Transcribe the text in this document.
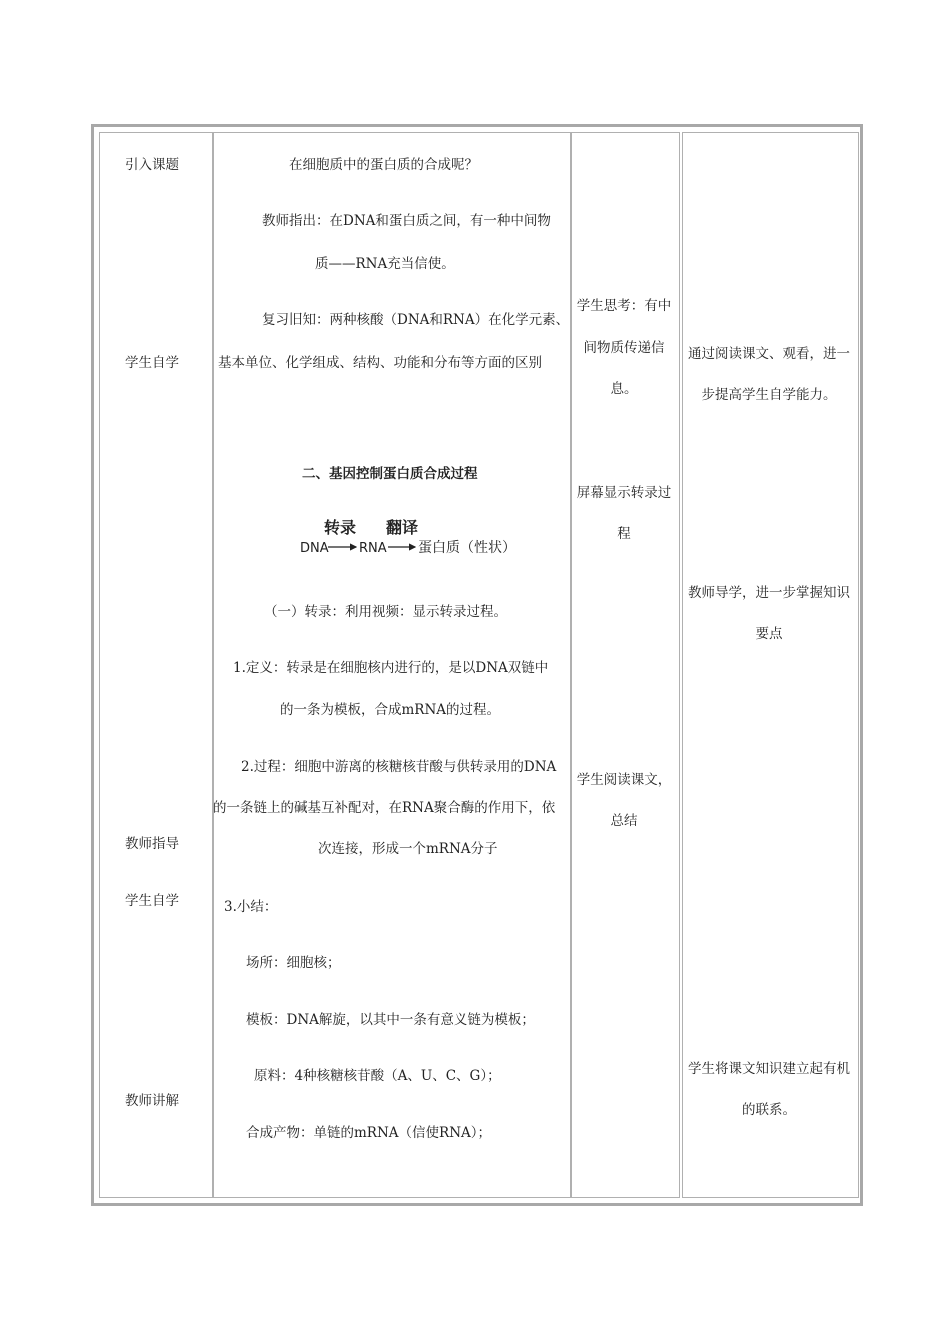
引入课题
学生自学
教师指导
学生自学
教师讲解
在细胞质中的蛋白质的合成呢？
教师指出：在DNA和蛋白质之间，有一种中间物
质——RNA充当信使。
复习旧知：两种核酸（DNA和RNA）在化学元素、
基本单位、化学组成、结构、功能和分布等方面的区别
二、基因控制蛋白质合成过程
转录 翻译
DNA RNA 蛋白质（性状）
（一）转录：利用视频：显示转录过程。
1.定义：转录是在细胞核内进行的，是以DNA双链中
的一条为模板，合成mRNA的过程。
2.过程：细胞中游离的核糖核苷酸与供转录用的DNA
的一条链上的碱基互补配对，在RNA聚合酶的作用下，依
次连接，形成一个mRNA分子
3.小结：
场所：细胞核；
模板：DNA解旋，以其中一条有意义链为模板；
原料：4种核糖核苷酸（A、U、C、G）；
合成产物：单链的mRNA（信使RNA）；
学生思考：有中
间物质传递信
息。
屏幕显示转录过
程
学生阅读课文，
总结
通过阅读课文、观看，进一
步提高学生自学能力。
教师导学，进一步掌握知识
要点
学生将课文知识建立起有机
的联系。
